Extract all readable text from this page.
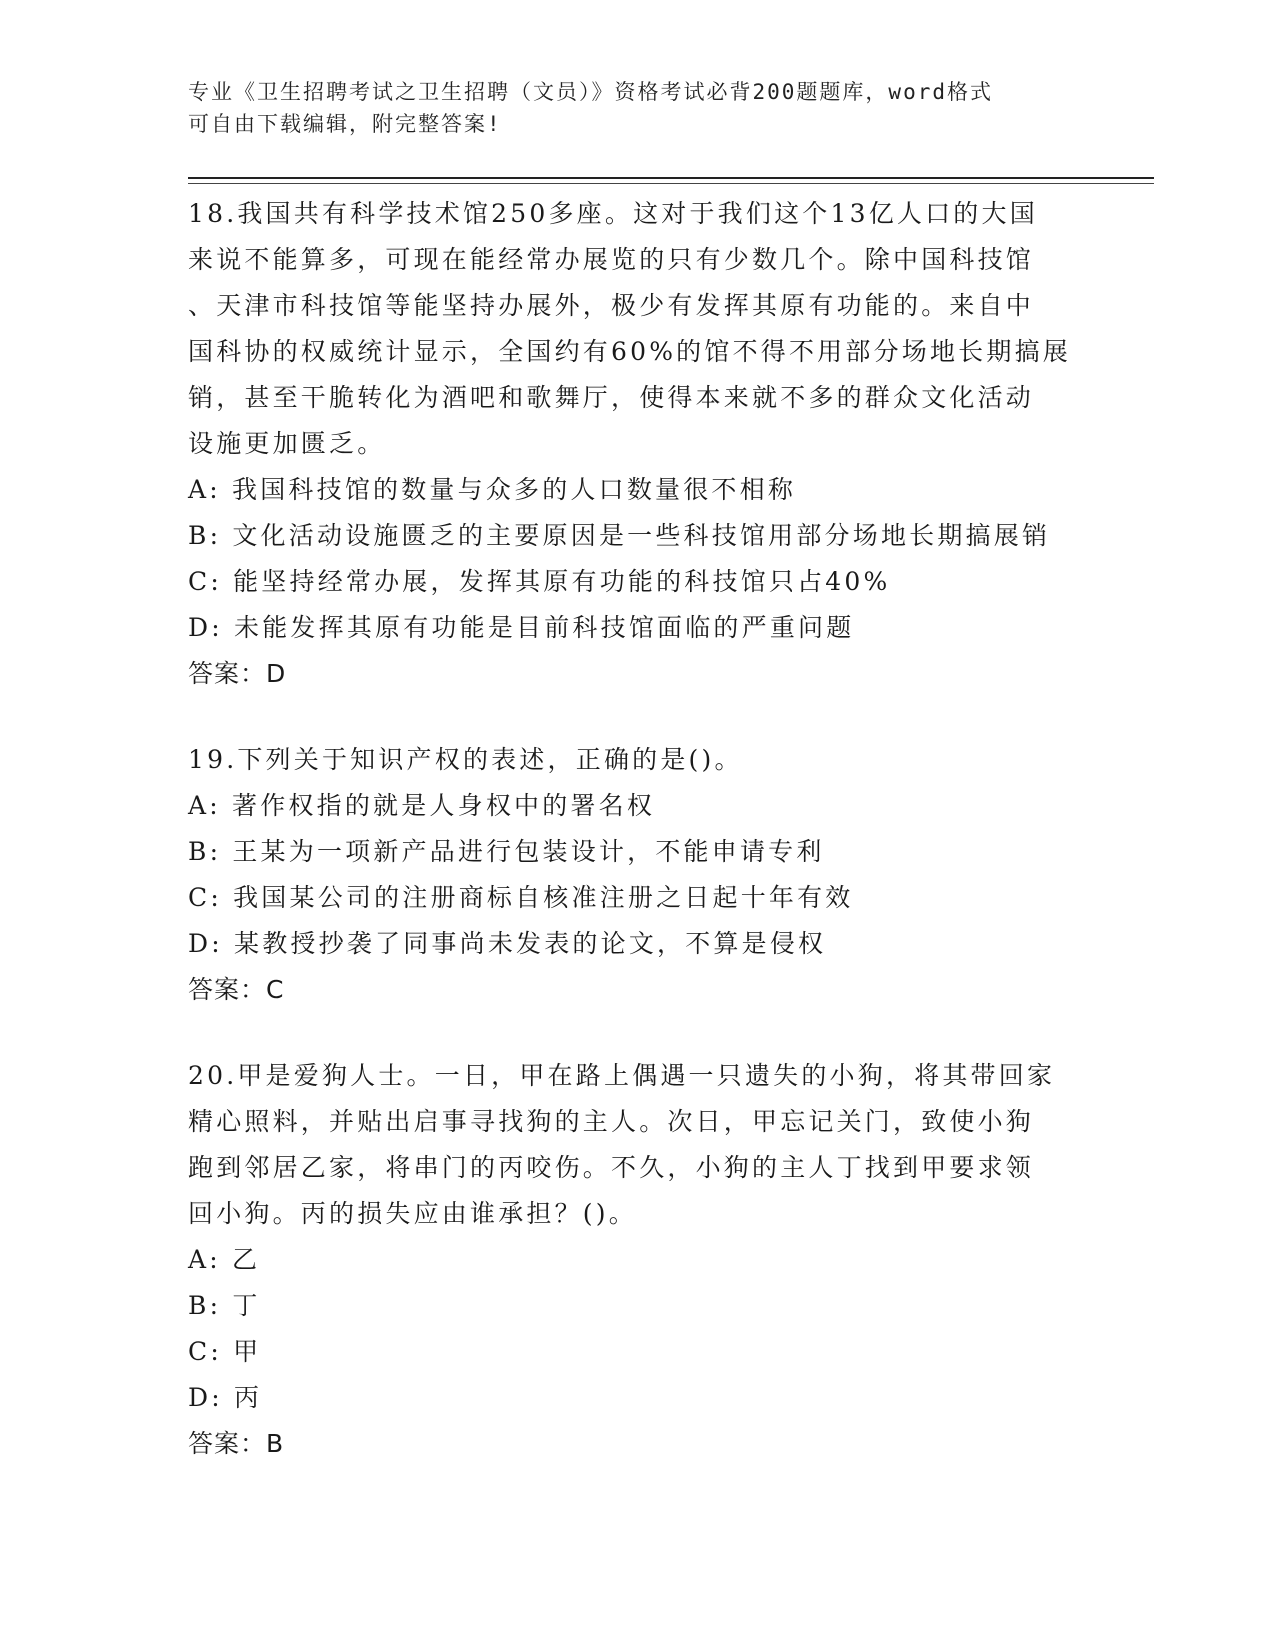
专业《卫生招聘考试之卫生招聘（文员）》资格考试必背200题题库，word格式
可自由下载编辑，附完整答案!
18.我国共有科学技术馆250多座。这对于我们这个13亿人口的大国
来说不能算多，可现在能经常办展览的只有少数几个。除中国科技馆
、天津市科技馆等能坚持办展外，极少有发挥其原有功能的。来自中
国科协的权威统计显示，全国约有60%的馆不得不用部分场地长期搞展
销，甚至干脆转化为酒吧和歌舞厅，使得本来就不多的群众文化活动
设施更加匮乏。
A: 我国科技馆的数量与众多的人口数量很不相称
B: 文化活动设施匮乏的主要原因是一些科技馆用部分场地长期搞展销
C: 能坚持经常办展，发挥其原有功能的科技馆只占40%
D: 未能发挥其原有功能是目前科技馆面临的严重问题
答案：D
19.下列关于知识产权的表述，正确的是()。
A: 著作权指的就是人身权中的署名权
B: 王某为一项新产品进行包装设计，不能申请专利
C: 我国某公司的注册商标自核准注册之日起十年有效
D: 某教授抄袭了同事尚未发表的论文，不算是侵权
答案：C
20.甲是爱狗人士。一日，甲在路上偶遇一只遗失的小狗，将其带回家
精心照料，并贴出启事寻找狗的主人。次日，甲忘记关门，致使小狗
跑到邻居乙家，将串门的丙咬伤。不久，小狗的主人丁找到甲要求领
回小狗。丙的损失应由谁承担？()。
A: 乙
B: 丁
C: 甲
D: 丙
答案：B
